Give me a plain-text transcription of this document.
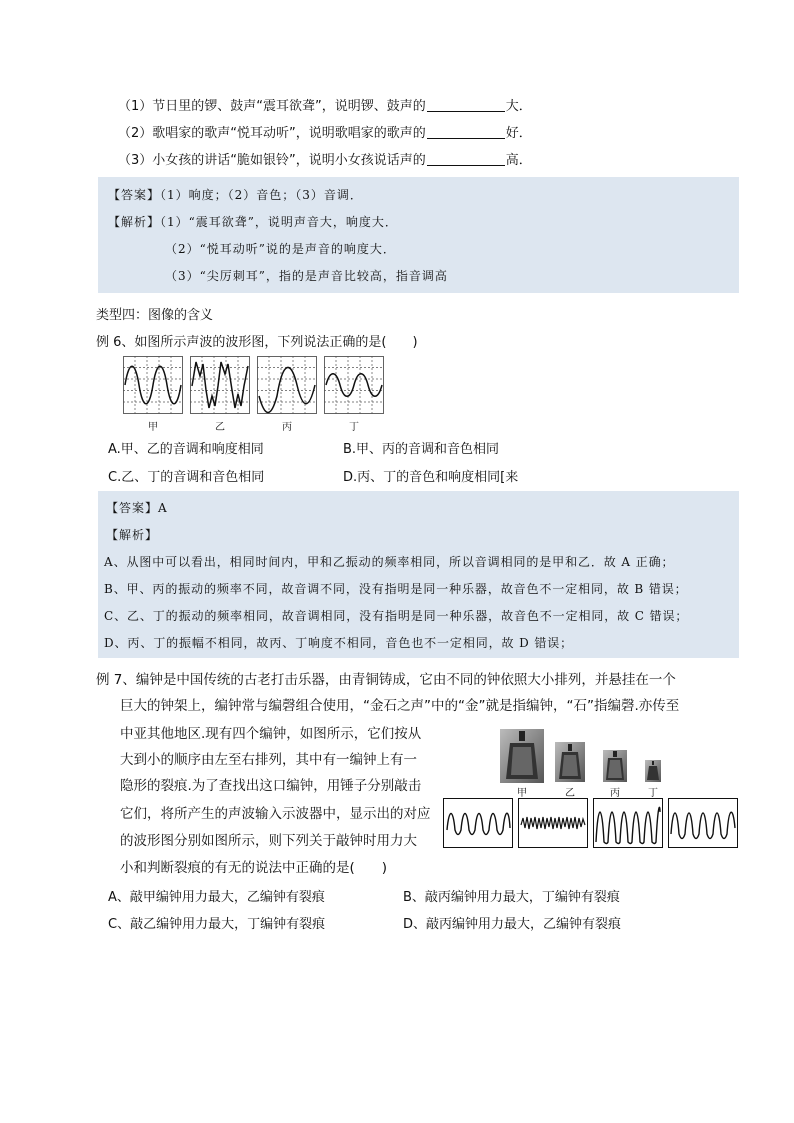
（1）节日里的锣、鼓声“震耳欲聋”，说明锣、鼓声的	大．
（2）歌唱家的歌声“悦耳动听”，说明歌唱家的歌声的	好．
（3）小女孩的讲话“脆如银铃”，说明小女孩说话声的	高．
【答案】（1）响度；（2）音色；（3）音调．
【解析】（1）“震耳欲聋”，说明声音大，响度大．
（2）“悦耳动听”说的是声音的响度大．
（3）“尖厉刺耳”，指的是声音比较高，指音调高
类型四：图像的含义
例 6、如图所示声波的波形图，下列说法正确的是(　　)
甲	乙	丙	丁
A.甲、乙的音调和响度相同	B.甲、丙的音调和音色相同
C.乙、丁的音调和音色相同	D.丙、丁的音色和响度相同[来
【答案】A
【解析】
A、从图中可以看出，相同时间内，甲和乙振动的频率相同，所以音调相同的是甲和乙．故 A 正确；
B、甲、丙的振动的频率不同，故音调不同，没有指明是同一种乐器，故音色不一定相同，故 B 错误；
C、乙、丁的振动的频率相同，故音调相同，没有指明是同一种乐器，故音色不一定相同，故 C 错误；
D、丙、丁的振幅不相同，故丙、丁响度不相同，音色也不一定相同，故 D 错误；
例 7、编钟是中国传统的古老打击乐器，由青铜铸成，它由不同的钟依照大小排列，并悬挂在一个
巨大的钟架上，编钟常与编磬组合使用，“金石之声”中的“金”就是指编钟，“石”指编磬.亦传至
中亚其他地区.现有四个编钟，如图所示，它们按从
大到小的顺序由左至右排列，其中有一编钟上有一
隐形的裂痕.为了查找出这口编钟，用锤子分别敲击
它们，将所产生的声波输入示波器中，显示出的对应
的波形图分别如图所示，则下列关于敲钟时用力大
小和判断裂痕的有无的说法中正确的是(　　)
甲	乙	丙	丁
A、敲甲编钟用力最大，乙编钟有裂痕	B、敲丙编钟用力最大，丁编钟有裂痕
C、敲乙编钟用力最大，丁编钟有裂痕	D、敲丙编钟用力最大，乙编钟有裂痕
